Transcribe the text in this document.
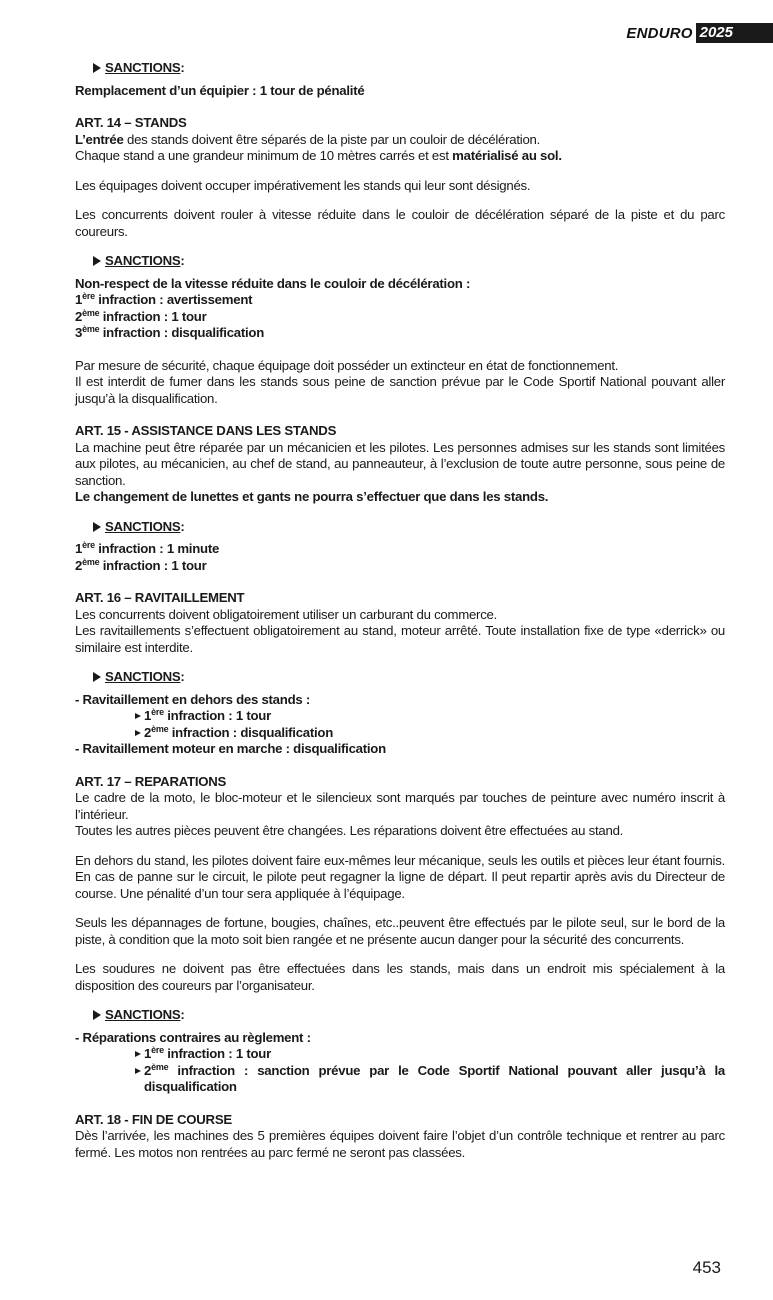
ENDURO 2025
SANCTIONS :

Remplacement d’un équipier : 1 tour de pénalité

ART. 14 – STANDS

L’entrée des stands doivent être séparés de la piste par un couloir de décélération.

Chaque stand a une grandeur minimum de 10 mètres carrés et est matérialisé au sol.

Les équipages doivent occuper impérativement les stands qui leur sont désignés.

Les concurrents doivent rouler à vitesse réduite dans le couloir de décélération séparé de la piste et du parc coureurs.

SANCTIONS :

Non-respect de la vitesse réduite dans le couloir de décélération :

1ère infraction : avertissement

2ème infraction : 1 tour

3ème infraction : disqualification

Par mesure de sécurité, chaque équipage doit posséder un extincteur en état de fonctionnement.

Il est interdit de fumer dans les stands sous peine de sanction prévue par le Code Sportif National pouvant aller jusqu’à la disqualification.

ART. 15 - ASSISTANCE DANS LES STANDS

La machine peut être réparée par un mécanicien et les pilotes. Les personnes admises sur les stands sont limitées aux pilotes, au mécanicien, au chef de stand, au panneauteur, à l’exclusion de toute autre personne, sous peine de sanction.

Le changement de lunettes et gants ne pourra s’effectuer que dans les stands.

SANCTIONS :

1ère infraction : 1 minute

2ème infraction : 1 tour

ART. 16 – RAVITAILLEMENT

Les concurrents doivent obligatoirement utiliser un carburant du commerce.

Les ravitaillements s’effectuent obligatoirement au stand, moteur arrêté. Toute installation fixe de type «derrick» ou similaire est interdite.

SANCTIONS :

- Ravitaillement en dehors des stands :

1ère infraction : 1 tour
2ème infraction : disqualification

- Ravitaillement moteur en marche : disqualification

ART. 17 – REPARATIONS

Le cadre de la moto, le bloc-moteur et le silencieux sont marqués par touches de peinture avec numéro inscrit à l’intérieur.

Toutes les autres pièces peuvent être changées. Les réparations doivent être effectuées au stand.

En dehors du stand, les pilotes doivent faire eux-mêmes leur mécanique, seuls les outils et pièces leur étant fournis. En cas de panne sur le circuit, le pilote peut regagner la ligne de départ. Il peut repartir après avis du Directeur de course. Une pénalité d’un tour sera appliquée à l’équipage.

Seuls les dépannages de fortune, bougies, chaînes, etc..peuvent être effectués par le pilote seul, sur le bord de la piste, à condition que la moto soit bien rangée et ne présente aucun danger pour la sécurité des concurrents.

Les soudures ne doivent pas être effectuées dans les stands, mais dans un endroit mis spécialement à la disposition des coureurs par l’organisateur.

SANCTIONS :

- Réparations contraires au règlement :

1ère infraction : 1 tour
2ème infraction : sanction prévue par le Code Sportif National pouvant aller jusqu’à la disqualification

ART. 18 - FIN DE COURSE

Dès l’arrivée, les machines des 5 premières équipes doivent faire l’objet d’un contrôle technique et rentrer au parc fermé. Les motos non rentrées au parc fermé ne seront pas classées.

453
